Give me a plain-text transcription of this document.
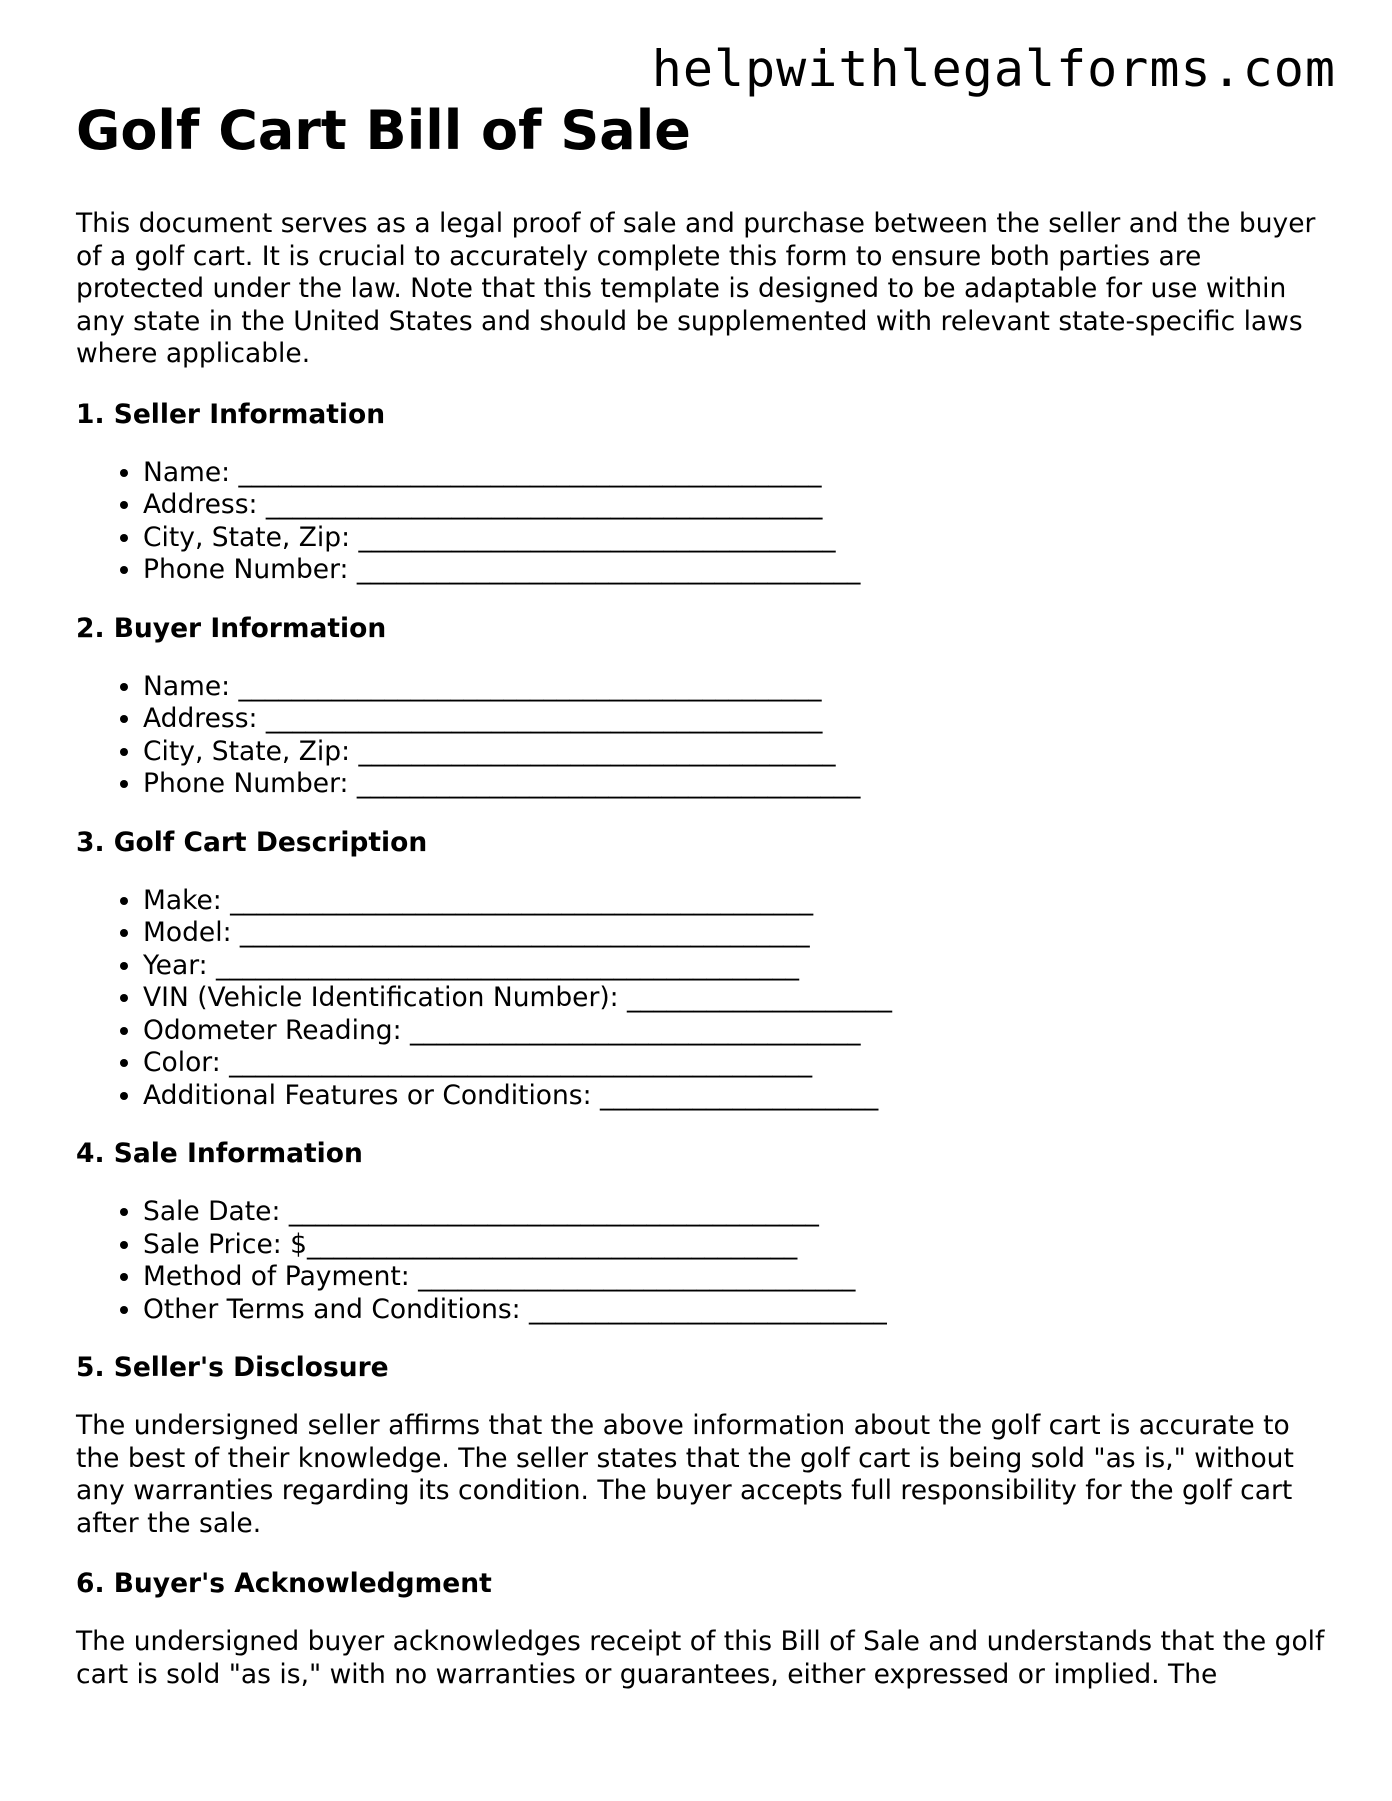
helpwithlegalforms.com
Golf Cart Bill of Sale

This document serves as a legal proof of sale and purchase between the seller and the buyer of a golf cart. It is crucial to accurately complete this form to ensure both parties are protected under the law. Note that this template is designed to be adaptable for use within any state in the United States and should be supplemented with relevant state-specific laws where applicable.

1. Seller Information
• Name: ____________________________________________
• Address: __________________________________________
• City, State, Zip: ____________________________________
• Phone Number: ______________________________________
2. Buyer Information
• Name: ____________________________________________
• Address: __________________________________________
• City, State, Zip: ____________________________________
• Phone Number: ______________________________________
3. Golf Cart Description
• Make: ____________________________________________
• Model: ___________________________________________
• Year: ____________________________________________
• VIN (Vehicle Identification Number): ____________________
• Odometer Reading: __________________________________
• Color: ____________________________________________
• Additional Features or Conditions: _____________________
4. Sale Information
• Sale Date: ________________________________________
• Sale Price: $_____________________________________
• Method of Payment: _________________________________
• Other Terms and Conditions: ___________________________
5. Seller's Disclosure

The undersigned seller affirms that the above information about the golf cart is accurate to the best of their knowledge. The seller states that the golf cart is being sold "as is," without any warranties regarding its condition. The buyer accepts full responsibility for the golf cart after the sale.

6. Buyer's Acknowledgment

The undersigned buyer acknowledges receipt of this Bill of Sale and understands that the golf cart is sold "as is," with no warranties or guarantees, either expressed or implied. The
